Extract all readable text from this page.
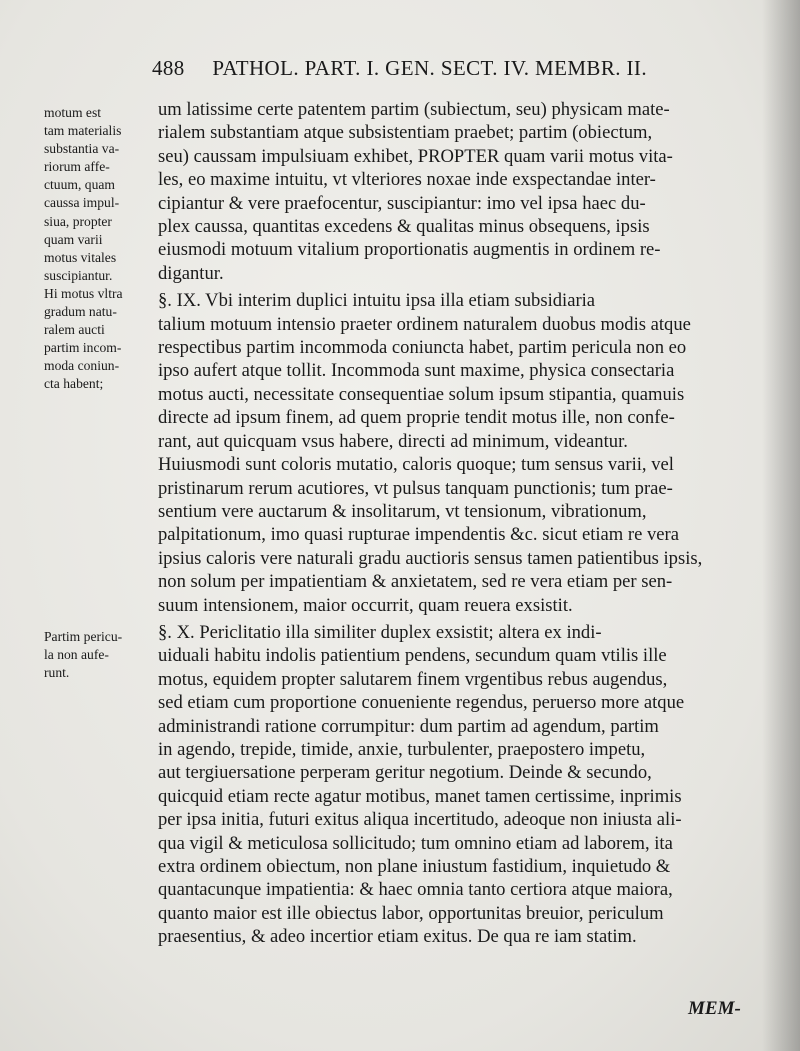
488 PATHOL. PART. I. GEN. SECT. IV. MEMBR. II.
motum est
tam materialis
substantia va-
riorum affe-
ctuum, quam
caussa impul-
siua, propter
quam varii
motus vitales
suscipiantur.
Hi motus vltra
gradum natu-
ralem aucti
partim incom-
moda coniun-
cta habent;
Partim pericu-
la non aufe-
runt.
um latissime certe patentem partim (subiectum, seu) physicam mate-
rialem substantiam atque subsistentiam praebet; partim (obiectum,
seu) caussam impulsiuam exhibet, PROPTER quam varii motus vita-
les, eo maxime intuitu, vt vlteriores noxae inde exspectandae inter-
cipiantur & vere praefocentur, suscipiantur: imo vel ipsa haec du-
plex caussa, quantitas excedens & qualitas minus obsequens, ipsis
eiusmodi motuum vitalium proportionatis augmentis in ordinem re-
digantur.
§. IX. Vbi interim duplici intuitu ipsa illa etiam subsidiaria
talium motuum intensio praeter ordinem naturalem duobus modis atque
respectibus partim incommoda coniuncta habet, partim pericula non eo
ipso aufert atque tollit. Incommoda sunt maxime, physica consectaria
motus aucti, necessitate consequentiae solum ipsum stipantia, quamuis
directe ad ipsum finem, ad quem proprie tendit motus ille, non confe-
rant, aut quicquam vsus habere, directi ad minimum, videantur.
Huiusmodi sunt coloris mutatio, caloris quoque; tum sensus varii, vel
pristinarum rerum acutiores, vt pulsus tanquam punctionis; tum prae-
sentium vere auctarum & insolitarum, vt tensionum, vibrationum,
palpitationum, imo quasi rupturae impendentis &c. sicut etiam re vera
ipsius caloris vere naturali gradu auctioris sensus tamen patientibus ipsis,
non solum per impatientiam & anxietatem, sed re vera etiam per sen-
suum intensionem, maior occurrit, quam reuera exsistit.
§. X. Periclitatio illa similiter duplex exsistit; altera ex indi-
uiduali habitu indolis patientium pendens, secundum quam vtilis ille
motus, equidem propter salutarem finem vrgentibus rebus augendus,
sed etiam cum proportione conueniente regendus, peruerso more atque
administrandi ratione corrumpitur: dum partim ad agendum, partim
in agendo, trepide, timide, anxie, turbulenter, praepostero impetu,
aut tergiuersatione perperam geritur negotium. Deinde & secundo,
quicquid etiam recte agatur motibus, manet tamen certissime, inprimis
per ipsa initia, futuri exitus aliqua incertitudo, adeoque non iniusta ali-
qua vigil & meticulosa sollicitudo; tum omnino etiam ad laborem, ita
extra ordinem obiectum, non plane iniustum fastidium, inquietudo &
quantacunque impatientia: & haec omnia tanto certiora atque maiora,
quanto maior est ille obiectus labor, opportunitas breuior, periculum
praesentius, & adeo incertior etiam exitus. De qua re iam statim.
MEM-
